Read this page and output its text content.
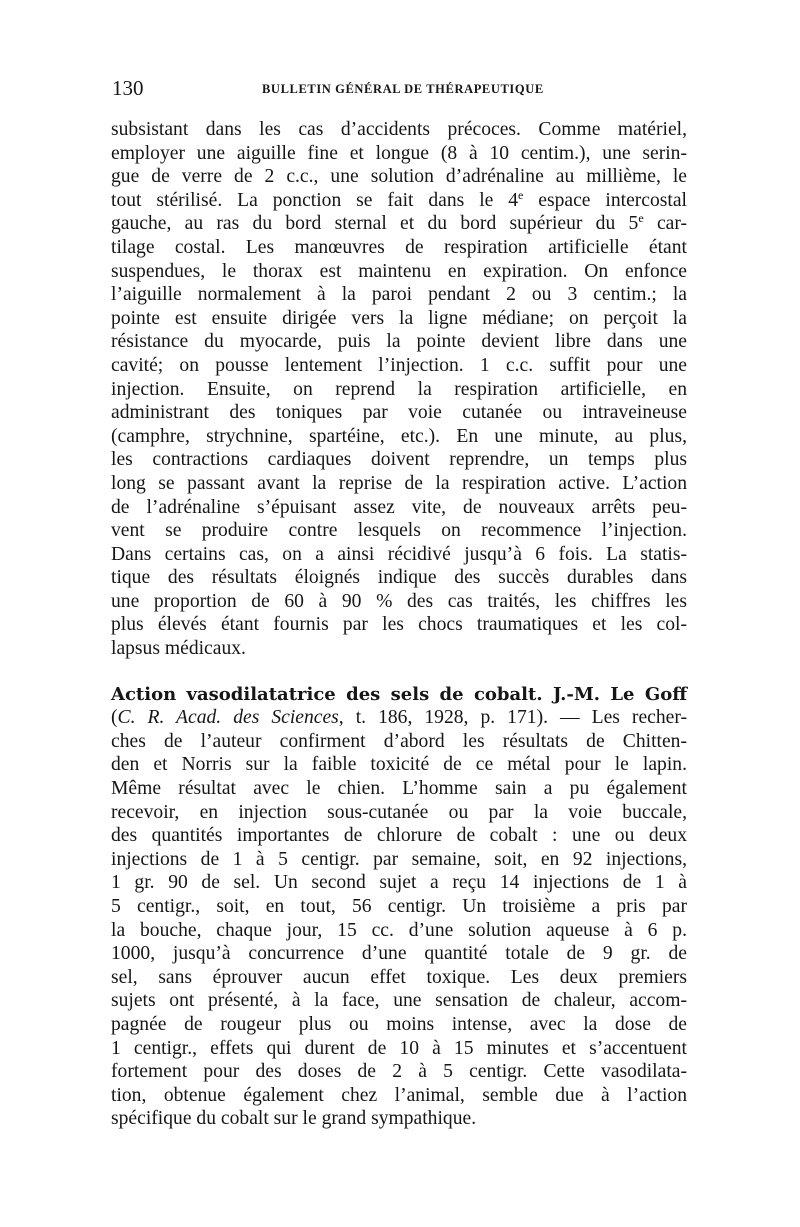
130	BULLETIN GÉNÉRAL DE THÉRAPEUTIQUE

subsistant dans les cas d’accidents précoces. Comme matériel,
employer une aiguille fine et longue (8 à 10 centim.), une serin-
gue de verre de 2 c.c., une solution d’adrénaline au millième, le
tout stérilisé. La ponction se fait dans le 4e espace intercostal
gauche, au ras du bord sternal et du bord supérieur du 5e car-
tilage costal. Les manœuvres de respiration artificielle étant
suspendues, le thorax est maintenu en expiration. On enfonce
l’aiguille normalement à la paroi pendant 2 ou 3 centim.; la
pointe est ensuite dirigée vers la ligne médiane; on perçoit la
résistance du myocarde, puis la pointe devient libre dans une
cavité; on pousse lentement l’injection. 1 c.c. suffit pour une
injection. Ensuite, on reprend la respiration artificielle, en
administrant des toniques par voie cutanée ou intraveineuse
(camphre, strychnine, spartéine, etc.). En une minute, au plus,
les contractions cardiaques doivent reprendre, un temps plus
long se passant avant la reprise de la respiration active. L’action
de l’adrénaline s’épuisant assez vite, de nouveaux arrêts peu-
vent se produire contre lesquels on recommence l’injection.
Dans certains cas, on a ainsi récidivé jusqu’à 6 fois. La statis-
tique des résultats éloignés indique des succès durables dans
une proportion de 60 à 90 % des cas traités, les chiffres les
plus élevés étant fournis par les chocs traumatiques et les col-
lapsus médicaux.

Action vasodilatatrice des sels de cobalt. J.-M. Le Goff
(C. R. Acad. des Sciences, t. 186, 1928, p. 171). — Les recher-
ches de l’auteur confirment d’abord les résultats de Chitten-
den et Norris sur la faible toxicité de ce métal pour le lapin.
Même résultat avec le chien. L’homme sain a pu également
recevoir, en injection sous-cutanée ou par la voie buccale,
des quantités importantes de chlorure de cobalt : une ou deux
injections de 1 à 5 centigr. par semaine, soit, en 92 injections,
1 gr. 90 de sel. Un second sujet a reçu 14 injections de 1 à
5 centigr., soit, en tout, 56 centigr. Un troisième a pris par
la bouche, chaque jour, 15 cc. d’une solution aqueuse à 6 p.
1000, jusqu’à concurrence d’une quantité totale de 9 gr. de
sel, sans éprouver aucun effet toxique. Les deux premiers
sujets ont présenté, à la face, une sensation de chaleur, accom-
pagnée de rougeur plus ou moins intense, avec la dose de
1 centigr., effets qui durent de 10 à 15 minutes et s’accentuent
fortement pour des doses de 2 à 5 centigr. Cette vasodilata-
tion, obtenue également chez l’animal, semble due à l’action
spécifique du cobalt sur le grand sympathique.
